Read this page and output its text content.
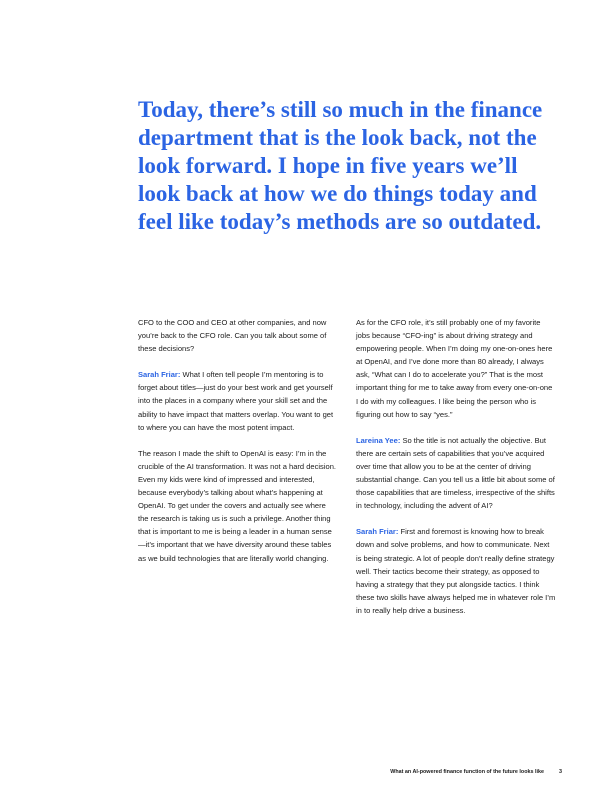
Today, there’s still so much in the finance department that is the look back, not the look forward. I hope in five years we’ll look back at how we do things today and feel like today’s methods are so outdated.

CFO to the COO and CEO at other companies, and now you’re back to the CFO role. Can you talk about some of these decisions?

Sarah Friar: What I often tell people I’m mentoring is to forget about titles—just do your best work and get yourself into the places in a company where your skill set and the ability to have impact that matters overlap. You want to get to where you can have the most potent impact.

The reason I made the shift to OpenAI is easy: I’m in the crucible of the AI transformation. It was not a hard decision. Even my kids were kind of impressed and interested, because everybody’s talking about what’s happening at OpenAI. To get under the covers and actually see where the research is taking us is such a privilege. Another thing that is important to me is being a leader in a human sense—it’s important that we have diversity around these tables as we build technologies that are literally world changing.

As for the CFO role, it’s still probably one of my favorite jobs because “CFO-ing” is about driving strategy and empowering people. When I’m doing my one-on-ones here at OpenAI, and I’ve done more than 80 already, I always ask, “What can I do to accelerate you?” That is the most important thing for me to take away from every one-on-one I do with my colleagues. I like being the person who is figuring out how to say “yes.”

Lareina Yee: So the title is not actually the objective. But there are certain sets of capabilities that you’ve acquired over time that allow you to be at the center of driving substantial change. Can you tell us a little bit about some of those capabilities that are timeless, irrespective of the shifts in technology, including the advent of AI?

Sarah Friar: First and foremost is knowing how to break down and solve problems, and how to communicate. Next is being strategic. A lot of people don’t really define strategy well. Their tactics become their strategy, as opposed to having a strategy that they put alongside tactics. I think these two skills have always helped me in whatever role I’m in to really help drive a business.

What an AI-powered finance function of the future looks like	3
